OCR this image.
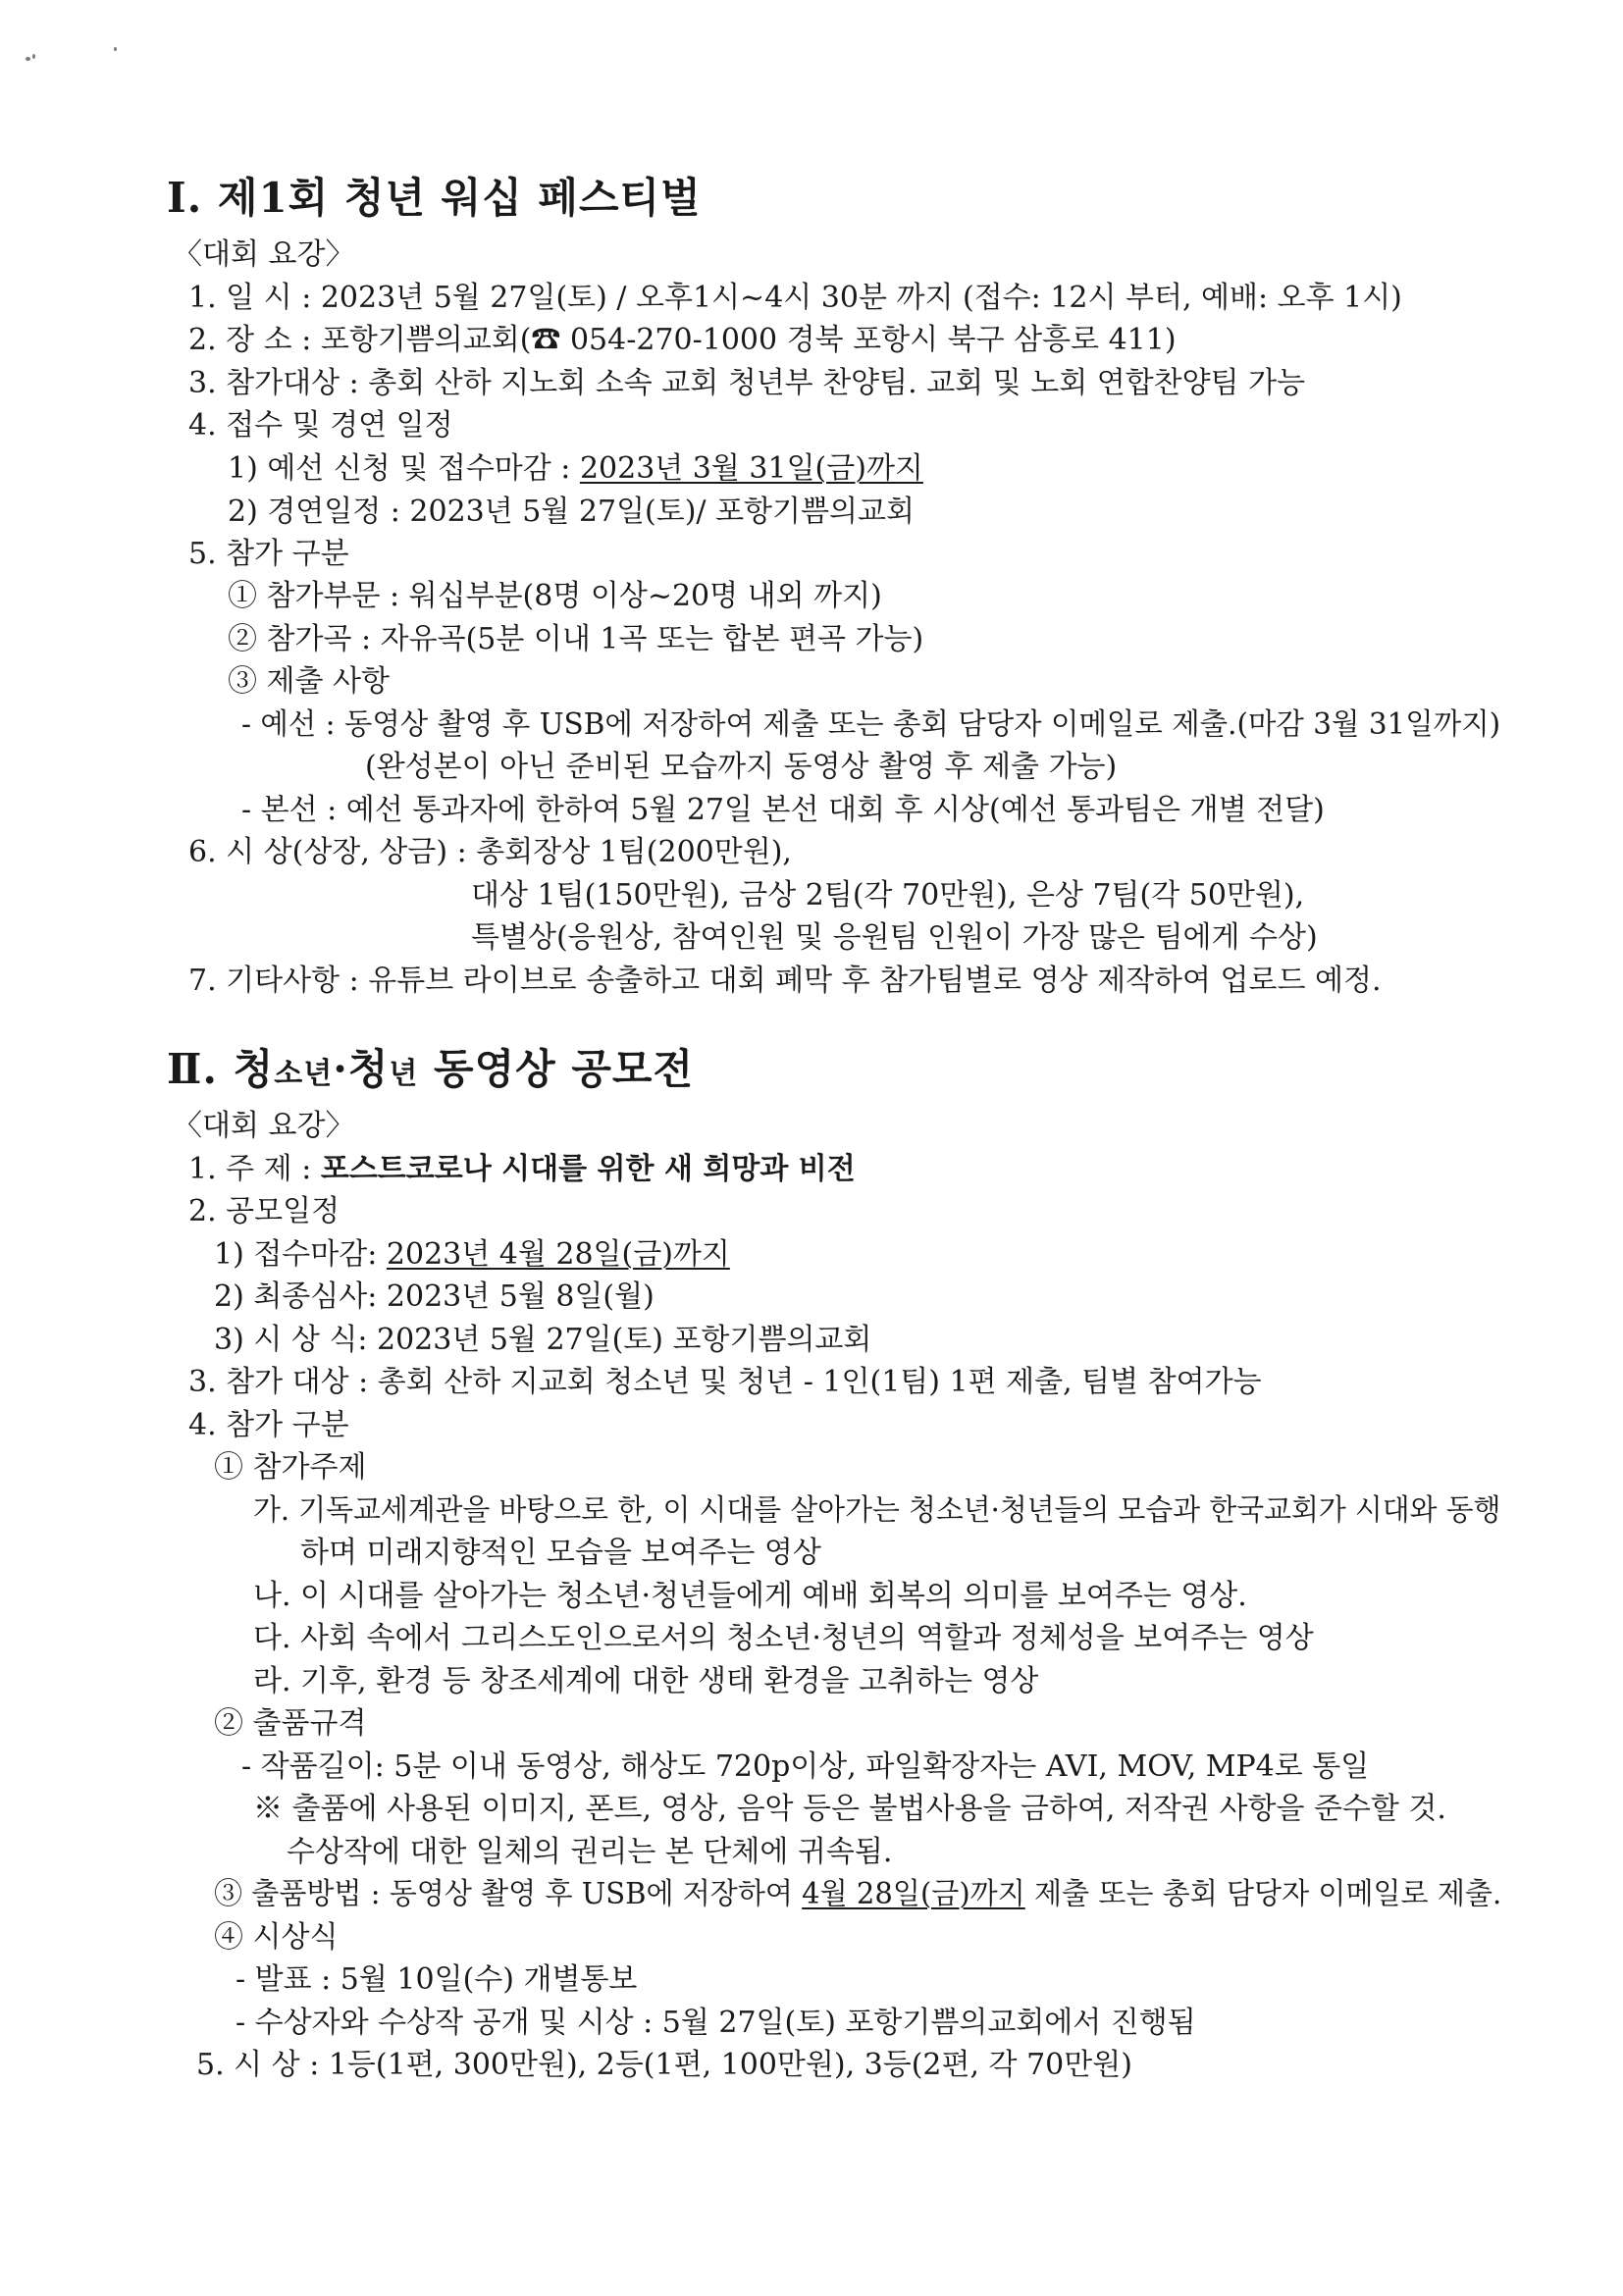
Ⅰ. 제1회 청년 워십 페스티벌
〈대회 요강〉
1. 일 시 : 2023년 5월 27일(토) / 오후1시~4시 30분 까지 (접수: 12시 부터, 예배: 오후 1시)
2. 장 소 : 포항기쁨의교회(☎ 054-270-1000 경북 포항시 북구 삼흥로 411)
3. 참가대상 : 총회 산하 지노회 소속 교회 청년부 찬양팀. 교회 및 노회 연합찬양팀 가능
4. 접수 및 경연 일정
1) 예선 신청 및 접수마감 : 2023년 3월 31일(금)까지
2) 경연일정 : 2023년 5월 27일(토)/ 포항기쁨의교회
5. 참가 구분
① 참가부문 : 워십부분(8명 이상~20명 내외 까지)
② 참가곡 : 자유곡(5분 이내 1곡 또는 합본 편곡 가능)
③ 제출 사항
- 예선 : 동영상 촬영 후 USB에 저장하여 제출 또는 총회 담당자 이메일로 제출.(마감 3월 31일까지)
(완성본이 아닌 준비된 모습까지 동영상 촬영 후 제출 가능)
- 본선 : 예선 통과자에 한하여 5월 27일 본선 대회 후 시상(예선 통과팀은 개별 전달)
6. 시 상(상장, 상금) : 총회장상 1팀(200만원),
대상 1팀(150만원), 금상 2팀(각 70만원), 은상 7팀(각 50만원),
특별상(응원상, 참여인원 및 응원팀 인원이 가장 많은 팀에게 수상)
7. 기타사항 : 유튜브 라이브로 송출하고 대회 폐막 후 참가팀별로 영상 제작하여 업로드 예정.
Ⅱ. 청소년·청년 동영상 공모전
〈대회 요강〉
1. 주 제 : 포스트코로나 시대를 위한 새 희망과 비전
2. 공모일정
1) 접수마감: 2023년 4월 28일(금)까지
2) 최종심사: 2023년 5월 8일(월)
3) 시 상 식: 2023년 5월 27일(토) 포항기쁨의교회
3. 참가 대상 : 총회 산하 지교회 청소년 및 청년 - 1인(1팀) 1편 제출, 팀별 참여가능
4. 참가 구분
① 참가주제
가. 기독교세계관을 바탕으로 한, 이 시대를 살아가는 청소년·청년들의 모습과 한국교회가 시대와 동행
하며 미래지향적인 모습을 보여주는 영상
나. 이 시대를 살아가는 청소년·청년들에게 예배 회복의 의미를 보여주는 영상.
다. 사회 속에서 그리스도인으로서의 청소년·청년의 역할과 정체성을 보여주는 영상
라. 기후, 환경 등 창조세계에 대한 생태 환경을 고취하는 영상
② 출품규격
- 작품길이: 5분 이내 동영상, 해상도 720p이상, 파일확장자는 AVI, MOV, MP4로 통일
※ 출품에 사용된 이미지, 폰트, 영상, 음악 등은 불법사용을 금하여, 저작권 사항을 준수할 것.
수상작에 대한 일체의 권리는 본 단체에 귀속됨.
③ 출품방법 : 동영상 촬영 후 USB에 저장하여 4월 28일(금)까지 제출 또는 총회 담당자 이메일로 제출.
④ 시상식
- 발표 : 5월 10일(수) 개별통보
- 수상자와 수상작 공개 및 시상 : 5월 27일(토) 포항기쁨의교회에서 진행됨
5. 시 상 : 1등(1편, 300만원), 2등(1편, 100만원), 3등(2편, 각 70만원)
